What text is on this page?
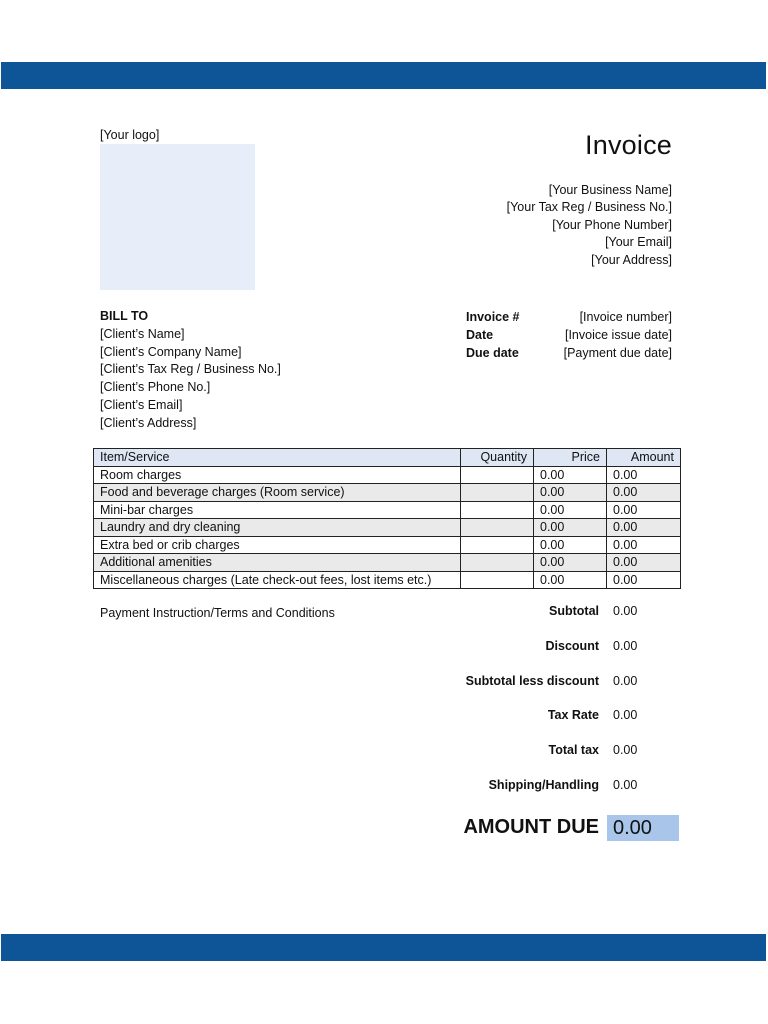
[Your logo]	Invoice
[Your Business Name]
[Your Tax Reg / Business No.]
[Your Phone Number]
[Your Email]
[Your Address]
BILL TO
[Client’s Name]
[Client’s Company Name]
[Client’s Tax Reg / Business No.]
[Client’s Phone No.]
[Client’s Email]
[Client’s Address]
Invoice #	[Invoice number]
Date	[Invoice issue date]
Due date	[Payment due date]
Item/Service	Quantity	Price	Amount
Room charges		0.00	0.00
Food and beverage charges (Room service)		0.00	0.00
Mini-bar charges		0.00	0.00
Laundry and dry cleaning		0.00	0.00
Extra bed or crib charges		0.00	0.00
Additional amenities		0.00	0.00
Miscellaneous charges (Late check-out fees, lost items etc.)		0.00	0.00
Payment Instruction/Terms and Conditions	Subtotal 0.00
Discount 0.00
Subtotal less discount 0.00
Tax Rate 0.00
Total tax 0.00
Shipping/Handling 0.00
AMOUNT DUE 0.00
